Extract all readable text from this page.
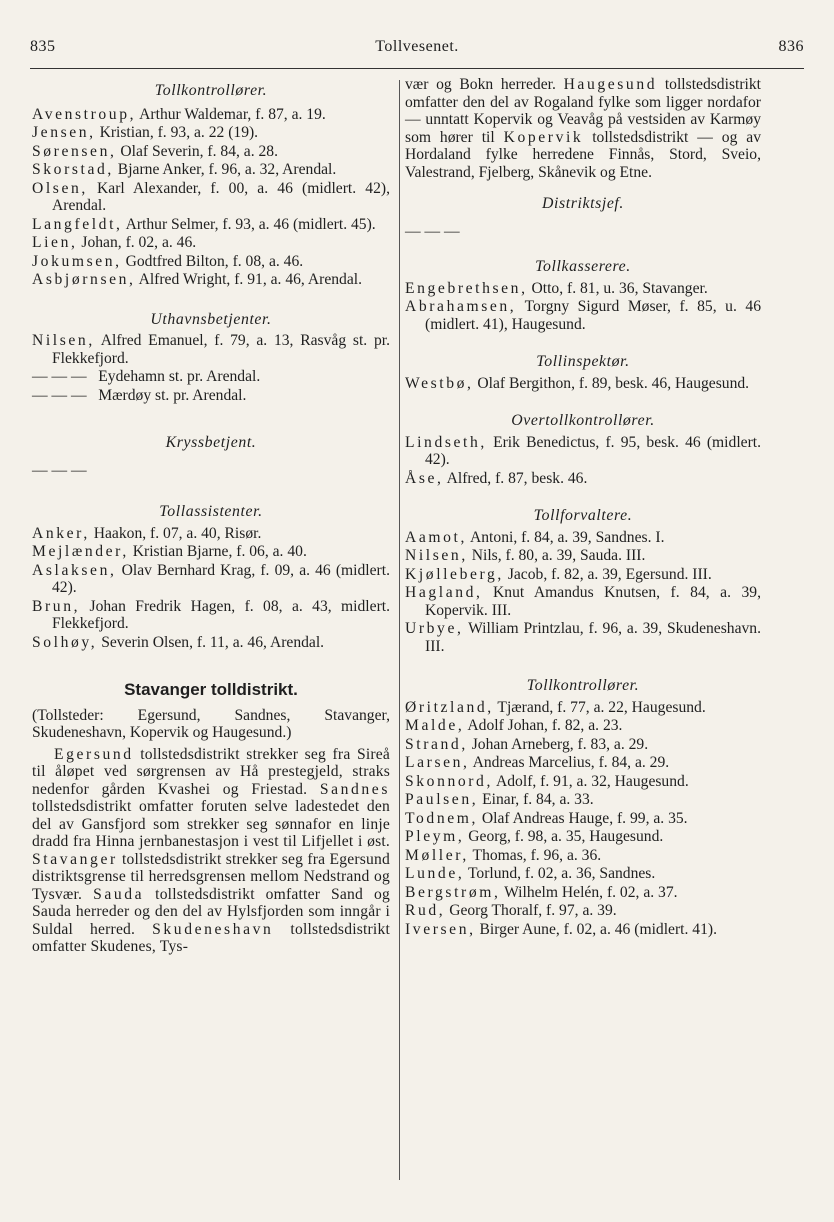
835	Tollvesenet.	836

Tollkontrollører.

Avenstroup, Arthur Waldemar, f. 87, a. 19.

Jensen, Kristian, f. 93, a. 22 (19).

Sørensen, Olaf Severin, f. 84, a. 28.

Skorstad, Bjarne Anker, f. 96, a. 32, Arendal.

Olsen, Karl Alexander, f. 00, a. 46 (midlert. 42), Arendal.

Langfeldt, Arthur Selmer, f. 93, a. 46 (midlert. 45).

Lien, Johan, f. 02, a. 46.

Jokumsen, Godtfred Bilton, f. 08, a. 46.

Asbjørnsen, Alfred Wright, f. 91, a. 46, Arendal.

Uthavnsbetjenter.

Nilsen, Alfred Emanuel, f. 79, a. 13, Rasvåg st. pr. Flekkefjord.

— — — Eydehamn st. pr. Arendal.

— — — Mærdøy st. pr. Arendal.

Kryssbetjent.

— — —

Tollassistenter.

Anker, Haakon, f. 07, a. 40, Risør.

Mejlænder, Kristian Bjarne, f. 06, a. 40.

Aslaksen, Olav Bernhard Krag, f. 09, a. 46 (midlert. 42).

Brun, Johan Fredrik Hagen, f. 08, a. 43, midlert. Flekkefjord.

Solhøy, Severin Olsen, f. 11, a. 46, Arendal.

Stavanger tolldistrikt.

(Tollsteder: Egersund, Sandnes, Stavanger, Skudeneshavn, Kopervik og Haugesund.)

Egersund tollstedsdistrikt strekker seg fra Sireå til åløpet ved sørgrensen av Hå prestegjeld, straks nedenfor gården Kvashei og Friestad. Sandnes tollstedsdistrikt omfatter foruten selve ladestedet den del av Gansfjord som strekker seg sønnafor en linje dradd fra Hinna jernbanestasjon i vest til Lifjellet i øst. Stavanger tollstedsdistrikt strekker seg fra Egersund distriktsgrense til herredsgrensen mellom Nedstrand og Tysvær. Sauda tollstedsdistrikt omfatter Sand og Sauda herreder og den del av Hylsfjorden som inngår i Suldal herred. Skudeneshavn tollstedsdistrikt omfatter Skudenes, Tys-

vær og Bokn herreder. Haugesund tollstedsdistrikt omfatter den del av Rogaland fylke som ligger nordafor — unntatt Kopervik og Veavåg på vestsiden av Karmøy som hører til Kopervik tollstedsdistrikt — og av Hordaland fylke herredene Finnås, Stord, Sveio, Valestrand, Fjelberg, Skånevik og Etne.

Distriktsjef.

— — —

Tollkasserere.

Engebrethsen, Otto, f. 81, u. 36, Stavanger.

Abrahamsen, Torgny Sigurd Møser, f. 85, u. 46 (midlert. 41), Haugesund.

Tollinspektør.

Westbø, Olaf Bergithon, f. 89, besk. 46, Haugesund.

Overtollkontrollører.

Lindseth, Erik Benedictus, f. 95, besk. 46 (midlert. 42).

Åse, Alfred, f. 87, besk. 46.

Tollforvaltere.

Aamot, Antoni, f. 84, a. 39, Sandnes. I.

Nilsen, Nils, f. 80, a. 39, Sauda. III.

Kjølleberg, Jacob, f. 82, a. 39, Egersund. III.

Hagland, Knut Amandus Knutsen, f. 84, a. 39, Kopervik. III.

Urbye, William Printzlau, f. 96, a. 39, Skudeneshavn. III.

Tollkontrollører.

Øritzland, Tjærand, f. 77, a. 22, Haugesund.

Malde, Adolf Johan, f. 82, a. 23.

Strand, Johan Arneberg, f. 83, a. 29.

Larsen, Andreas Marcelius, f. 84, a. 29.

Skonnord, Adolf, f. 91, a. 32, Haugesund.

Paulsen, Einar, f. 84, a. 33.

Todnem, Olaf Andreas Hauge, f. 99, a. 35.

Pleym, Georg, f. 98, a. 35, Haugesund.

Møller, Thomas, f. 96, a. 36.

Lunde, Torlund, f. 02, a. 36, Sandnes.

Bergstrøm, Wilhelm Helén, f. 02, a. 37.

Rud, Georg Thoralf, f. 97, a. 39.

Iversen, Birger Aune, f. 02, a. 46 (midlert. 41).
